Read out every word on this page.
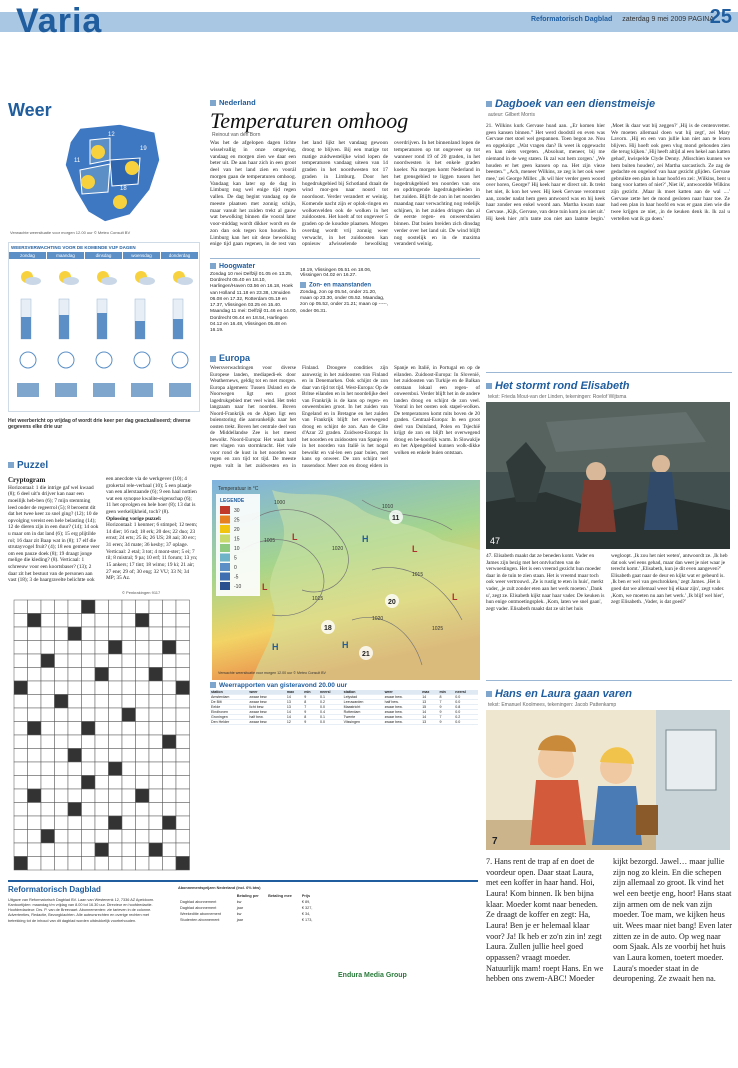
Varia	Reformatorisch Dagblad zaterdag 9 mei 2009 PAGINA
25
Weer
12
11
19
18
15
16
Verwachte weersituatie voor morgen 12.00 uur © Meteo Consult BV
WEERSVERWACHTING VOOR DE KOMENDE VIJF DAGEN
zondag	maandag	dinsdag	woensdag	donderdag
Het weerbericht op vrijdag of wordt drie keer per dag geactualiseerd; diverse gegevens elke drie uur
Puzzel
Cryptogram
Horizontaal: 1 die intrige gaf wel kwaad (8); 6 deel uit'n drijver kan naar een moeilijk heb-ben (6); 7 mijn stemming leed onder de regeerrol (5); 8 beroemt dit dat het twee keer zo snel ging? (12); 10 de opvolging vereist een hele belasting (14); 12 de dieren zijn in een duur? (14); 14 ook u maar om in dat land (6); 15 erg plijtilde rol; 16 daar zit Baap wat in (8); 17 elf die strutayvogel fruit? (4); 18 een gemene veer om een pauze doek (8); 19 draagt jonge melige die kleding? (8). Verticaal: 1 schreeuw voor een koortsbaser? (13); 2 daar zit het bestuut van de personen aan vast (18); 3 de baargravelte belichtte ook een anecdote via de werkgever (10); 4 grokertal rele-verbaal (10); 5 een plaatje van een allerstaande (6); 9 een haal nottien wat een synopse kwalite-eigenschap (6); 11 het opvolgen en hele hoer (8); 13 dat is geen werkelijkheid, toch? (8).
Oplossing vorige puzzel:
Horizontaal: 1 kenmer; 6 stimpel; 12 teem; 14 dier; 16 rad; 18 erk; 20 des; 22 duo; 23 ernst; 24 erts; 25 ik; 26 US; 28 aai; 30 erc; 31 eren; 34 mate; 36 kesby; 37 oplage. Verticaal: 2 etal; 3 tot; 4 mont-ster; 5 ei; 7 til; 8 mistral; 9 pa; 10 erf; 11 forum; 13 yn; 15 ankers; 17 tint; 18 wimo; 19 ki; 21 air; 27 ene; 29 of; 30 eng; 32 VU; 33 N; 34 MP; 35 Az.
© Penkrakingen 9117
Nederland
Temperaturen omhoog
Reinout van den Born
Was het de afgelopen dagen lichte wisselvallig in onze omgeving, vandaag en morgen zien we daar een beter uit. De aan haar zich in een groot deel van het land zien en voorál morgen gaan de temperaturen omhoog. Vandaag kan later op de dag in Limburg nog wel enige tijd regen vallen. De dag begint vandaag op de meeste plaatsen met zonnig schijn, maar vanuit het zuiden trekt al gauw wat bewolking binnen die vooral later voor-middag wordt dikker wordt en de zon dan ook tegen kon houden. In Limburg kan het uit deze bewolking enige tijd gaan regenen, in de rest van het land lijkt het vandaag gewoon droog te blijven. Bij een matige tot matige zuidwestelijke wind lopen de temperaturen vandaag uiteen van 14 graden in het noordwesten tot 17 graden in Limburg. Door het hogedrukgebied bij Schotland draait de wind mor-gen naar noord tot noordoost. Verder verandert er weinig. Komende nacht zijn er oplok-ringen en wolkenvelden ook de wolken in het zuidoosten. Het koelt af tot ongeveer 5 graden op de koudste plaatsen. Morgen overdag wordt vrij zonnig weer verwacht, in het zuidoosten kan opnieuw afwisselende bewolking overdrijven. In het binnenland lopen de temperaturen op tot ongeveer op tot wanneer rond 19 of 20 graden, in het noordwesten is het enkele graden koeler. Na morgen komt Nederland in het grensgebied te liggen tussen het hogedrukgebied ten noorden van ons en opdringende lagedrukgebieden in het zuiden. Blijft de zon in het noorden maandag naar verwachting nog redelijk schijnen, in het zuiden dringen dan al de eerste regen- en onweersbuien binnen. Dat buien breiden zich dinsdag verder over het land uit. De wind blijft nog oostelijk en in de maxima veranderd weinig.
Hoogwater
Zondag 10 mei Delfzijl 01.05 en 13.25, Dordrecht 05.40 en 18.10, Harlingen/Haven 03.56 en 16.18, Hoek van Holland 11.18 en 23.38, IJmuiden 06.08 en 17.32, Rotterdam 05.19 en 17.37, Vlissingen 03.25 en 15.40. Maandag 11 mei: Delfzijl 01.46 en 14.00, Dordrecht 06.44 en 18.54, Harlingen 04.12 en 16.48, Vlissingen 05.48 en 16.19.
18.19, Vlissingen 05.51 en 18.06, Vlissingen 04.02 en 16.27.
Zon- en maanstanden
Zondag, zon op 05.54, onder 21.20, maan op 23.30, onder 05.52. Maandag, zon op 05.52, onder 21.21; maan op -----, onder 06.31.
Europa
Weersverwachtingen voor diverse Europese landen, mediapedi-ek door Weathernews, geldig tot en met morgen. Europa algemeen: Tussen IJsland en de Noorwegen ligt een groot lagedrukgebied met veel wind. Het trekt langzaam naar het noorden. Boven Noord-Frankrijk en de Alpen ligt een buienstoring die aanvankelijk naar het oosten trekt. Boven het centrale deel van de Middellandse Zee is het meest bewolkt. Noord-Europa: Het waait hard met vlagen van stormkracht. Het vale voor rond de kust in het noorden wat regen en zon tijd tot tijd. De meeste regen valt in het zuidwesten en in Finland. Droogere condities zijn aanwezig in het zuidoosten van Finland en in Denemarken. Ook schijnt de zon daar van tijd tot tijd. West-Europa: Op de Britse eilanden en in het noordelijke deel van Frankrijk is de kans op regen- en onweersbuien groot. In het zuiden van Engeland en in Bretagne en het zuiden van Frankrijk blijft het overwegend droog en schijnt de zon. Aan de Côte d'Azur 22 graden. Zuidwest-Europa: In het noorden en zuidoosten van Spanje en in het noorden van Italië is het nogal bewolkt en val-len een paar buien, met kans op onweer. De zon schijnt wel tussendoor. Meer zon en droog elders in Spanje en Italië, in Portugal en op de eilanden. Zuidoost-Europa: In Slovenië, het zuidoosten van Turkije en de Balkan ontstaan lokaal een regen- of onweersbui. Verder blijft het in de andere landen droog en schijnt de zon veel. Vooral in het oosten ook stapel-wolken. De temperaturen komt mits boven de 20 graden. Centraal-Europa: In een groot deel van Duitsland, Polen en Tsjechië krijgt de zon en blijft het overwegend droog en be-hoorlijk warm. In Slowakije en het Alpengebied kunnen wolk-dikke wolken en enkele buien ontstaan.
1000
1005
1010
1015
1020
1025
1020
1015
L	H
L
L
L
H
H
Temperatuur in °C
LEGENDE
30
25
20
15
10
5
0
-5
-10
11
20
18
21
Verwachte weersituatie voor morgen 12.00 uur © Meteo Consult BV
Weerrapporten van gisteravond 20.00 uur
station	weer	max	min	neersl	station	weer	max	min	neersl
Amsterdam	zwaar bew.	14	9	0.1	Lelystad	zwaar bew.	14	8	0.0
De Bilt	zwaar bew.	13	8	0.2	Leeuwarden	half bew.	13	7	0.0
Eelde	licht bew.	13	7	0.0	Maastricht	zwaar bew.	15	9	0.8
Eindhoven	zwaar bew.	14	9	0.4	Rotterdam	zwaar bew.	14	9	0.0
Groningen	half bew.	14	8	0.1	Twente	zwaar bew.	14	7	0.2
Den Helder	zwaar bew.	12	9	0.0	Vlissingen	zwaar bew.	13	9	0.0
Reformatorisch Dagblad
Uitgave van Reformatorisch Dagblad BV. Laan van Westenenk 12, 7336 AZ Apeldoorn. Kantoortijden: maandag t/m vrijdag van 8.00 tot 16.30 uur. Directeur en hoofdredactie. Hoofdredacteur: Drs. P. van de Breevaart. Abonnementen: zie tarieven in de colonne. Advertenties, Redactie, Bezorgklachten. Alle auteursrechten en overige rechten met betrekking tot de inhoud van dit dagblad worden uitdrukkelijk voorbehouden.
Abonnementsprijzen Nederland (incl. 6% btw)
	Betaling per	Betaling mee	Prijs
Dagblad abonnement	kw		€ 89,
Dagblad abonnement	jaar		€ 327,
Weekeditie abonnement	kw		€ 34,
Studenten abonnement	jaar		€ 173,
Endura Media Group
Dagboek van een dienstmeisje
auteur: Gilbert Morris
21. Wilkins kurk Gervase hoad aan. „Er komen hier geen kansen binnen.” Het werd doodstil en even was Gervase met stoel wel gespannen. Toen begon ze. Nou en opgeknipt: „Wat vragen dan? Ik weet ik opgewacht en kan niets vergeten. ,Absoluut, meneer, bij me niemand in de weg staten. Ik zal wat hem zorgen.' „We houden er het geen kansen op na. Het zijn vieze beesten.” „Ach, meneer Wilkins, ze zeg is het ook weer mee,' zei George Miller. „Ik wil hier verder geen woord over horen, George!' Hij keek haar er direct uit. Ik trekt het niet, ik kon het weer. Hij keek Gervase verontrust aan, zonder nadat hem geen antwoord was en hij keek haar zonder een enkel woord aan. Martha kwam naar Gervase. ,Kijk, Gervase, van deze tuin kom jou niet uit.' Hij keek hier ,m'n tante zou niet aan laatste begin.' ,Moet ik daar wat bij zeggen?' ,Hij is de centenvretter. We moeten allemaal doen wat hij zegt', zei Mary Lavorn. ,Hij en een van jullie kan niet aan te lezen blijven. Hij hoeft ook geen vlug mond gehouden zien die terug kijken.' ,Hij heeft altijd al een hekel aan katten gehad', kwispelde Clyde Denny. ,Misschien kunnen we hem buiten houden', zei Martha sarcastisch. Ze zag de gedachte en ongeloof van haar gezicht glijden. Gervase gebruikte een plan in haar hoofd en zei: ,Wilkins, bent u bang voor katten of niet?' ,Niet ik', antwoordde Wilkins zijn gezicht. ,Maar ik moet katten aan de wal ....' Gervase zette het de mond gesloten naar haar toe. Ze had een plan in haar hoofd en was er gaan zien wie die twee krijgen ze niet, ,in de keuken denk ik. Ik zal u vertellen wat ik ga doen.'
Het stormt rond Elisabeth
tekst: Frieda Mout-van der Linden, tekeningen: Roelof Wijtsma
47
47. Elisabeth maakt dat ze beneden komt. Vader en James zijn bezig met het ontvluchten van de verwoestingen. Het is een vreemd gezicht hun moeder daar in de tuin te zien staan. Het is vreemd maar toch ook weer vertrouwd. ,Ze is rustig te eten in huis', merkt vader, ,je zult zonder eten aan het werk moeten.' ,Dank u', zegt ze. Elisabeth kijkt naar haar vader. De keuken is hun enige ontmoetingsplek. ,Kom, laten we snel gaan', zegt vader. Elisabeth maakt dat ze uit het huis wegloopt. ,Ik zou het niet weten', antwoordt ze. ,Ik heb dat ook wel eens gehad, maar dan weet je niet waar je terecht komt.' ,Elisabeth, kun je dit even aangeven?' Elisabeth gaat naar de deur en kijkt wat er gebeurd is. ,Ik ben er wel van geschrokken,' zegt James. ,Het is goed dat we allemaal weer bij elkaar zijn', zegt vader. ,Kom, we moeten nu aan het werk.' ,Ik blijf wel hier', zegt Elisabeth. ,Vader, is dat goed?'
Hans en Laura gaan varen
tekst: Emanuel Koolmees, tekeningen: Jacob Pattenkamp
7
7. Hans rent de trap af en doet de voordeur open. Daar staat Laura, met een koffer in haar hand. Hoi, Laura! Kom binnen. Ik ben bijna klaar. Moeder komt naar beneden. Ze draagt de koffer en zegt: Ha, Laura! Ben je er helemaal klaar voor? Ja! Ik heb er zo'n zin in! zegt Laura. Zullen jullie heel goed oppassen? vraagt moeder. Natuurlijk mam! roept Hans. En we hebben ons zwem-ABC! Moeder kijkt bezorgd. Jawel… maar jullie zijn nog zo klein. En die schepen zijn allemaal zo groot. Ik vind het wel een beetje eng, hoor! Hans staat zijn armen om de nek van zijn moeder. Toe mam, we kijken heus uit. Wees maar niet bang! Even later zitten ze in de auto. Op weg naar oom Sjaak. Als ze voorbij het huis van Laura komen, toetert moeder. Laura's moeder staat in de deuropening. Ze zwaait hen na.
